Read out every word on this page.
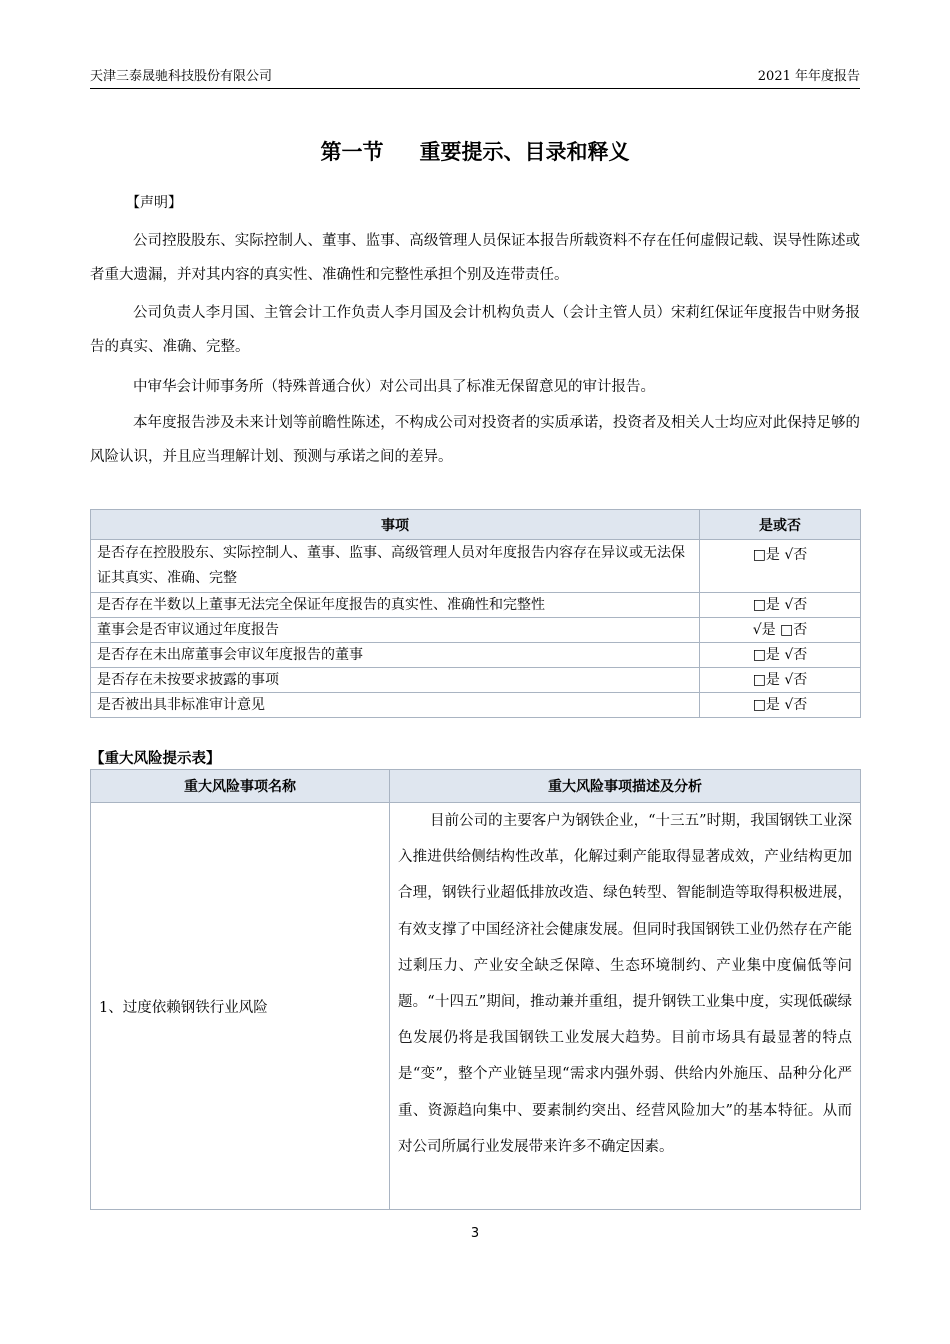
天津三泰晟驰科技股份有限公司	2021 年年度报告
第一节 重要提示、目录和释义
【声明】
公司控股股东、实际控制人、董事、监事、高级管理人员保证本报告所载资料不存在任何虚假记载、误导性陈述或者重大遗漏，并对其内容的真实性、准确性和完整性承担个别及连带责任。
公司负责人李月国、主管会计工作负责人李月国及会计机构负责人（会计主管人员）宋莉红保证年度报告中财务报告的真实、准确、完整。
中审华会计师事务所（特殊普通合伙）对公司出具了标准无保留意见的审计报告。
本年度报告涉及未来计划等前瞻性陈述，不构成公司对投资者的实质承诺，投资者及相关人士均应对此保持足够的风险认识，并且应当理解计划、预测与承诺之间的差异。
事项	是或否
是否存在控股股东、实际控制人、董事、监事、高级管理人员对年度报告内容存在异议或无法保证其真实、准确、完整	□是 √否
是否存在半数以上董事无法完全保证年度报告的真实性、准确性和完整性	□是 √否
董事会是否审议通过年度报告	√是 □否
是否存在未出席董事会审议年度报告的董事	□是 √否
是否存在未按要求披露的事项	□是 √否
是否被出具非标准审计意见	□是 √否
【重大风险提示表】
重大风险事项名称	重大风险事项描述及分析
1、过度依赖钢铁行业风险	目前公司的主要客户为钢铁企业，“十三五”时期，我国钢铁工业深入推进供给侧结构性改革，化解过剩产能取得显著成效，产业结构更加合理，钢铁行业超低排放改造、绿色转型、智能制造等取得积极进展，有效支撑了中国经济社会健康发展。但同时我国钢铁工业仍然存在产能过剩压力、产业安全缺乏保障、生态环境制约、产业集中度偏低等问题。“十四五”期间，推动兼并重组，提升钢铁工业集中度，实现低碳绿色发展仍将是我国钢铁工业发展大趋势。目前市场具有最显著的特点是“变”，整个产业链呈现“需求内强外弱、供给内外施压、品种分化严重、资源趋向集中、要素制约突出、经营风险加大”的基本特征。从而对公司所属行业发展带来许多不确定因素。
3
